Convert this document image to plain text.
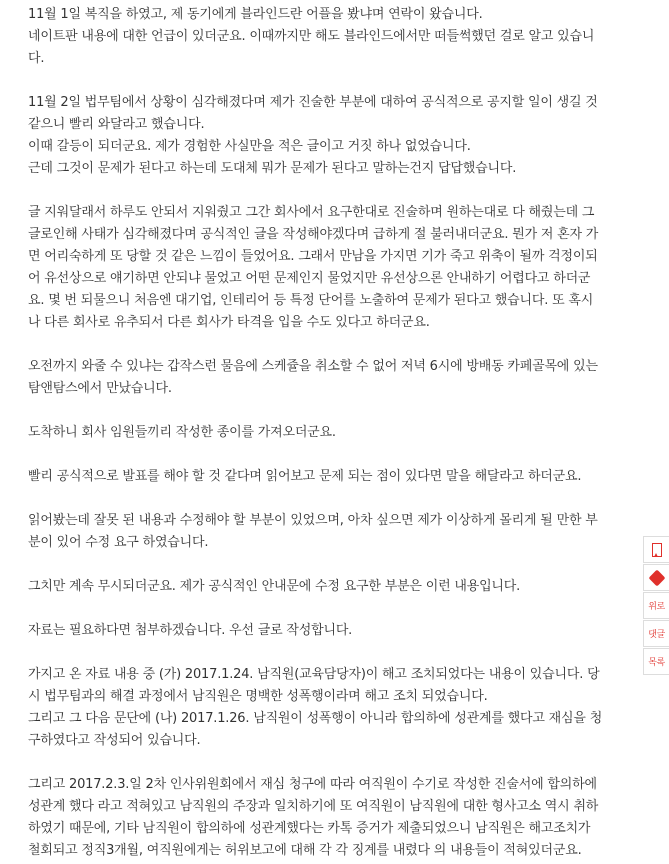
11월 1일 복직을 하였고, 제 동기에게 블라인드란 어플을 봤냐며 연락이 왔습니다.
네이트판 내용에 대한 언급이 있더군요. 이때까지만 해도 블라인드에서만 떠들썩했던 걸로 알고 있습니
다.

11월 2일 법무팀에서 상황이 심각해졌다며 제가 진술한 부분에 대하여 공식적으로 공지할 일이 생길 것
같으니 빨리 와달라고 했습니다.
이때 갈등이 되더군요. 제가 경험한 사실만을 적은 글이고 거짓 하나 없었습니다.
근데 그것이 문제가 된다고 하는데 도대체 뭐가 문제가 된다고 말하는건지 답답했습니다.

글 지워달래서 하루도 안되서 지워줬고 그간 회사에서 요구한대로 진술하며 원하는대로 다 해줬는데 그
글로인해 사태가 심각해졌다며 공식적인 글을 작성해야겠다며 급하게 절 불러내더군요. 뭔가 저 혼자 가
면 어리숙하게 또 당할 것 같은 느낌이 들었어요. 그래서 만남을 가지면 기가 죽고 위축이 될까 걱정이되
어 유선상으로 얘기하면 안되냐 물었고 어떤 문제인지 물었지만 유선상으론 안내하기 어렵다고 하더군
요. 몇 번 되물으니 처음엔 대기업, 인테리어 등 특정 단어를 노출하여 문제가 된다고 했습니다. 또 혹시
나 다른 회사로 유추되서 다른 회사가 타격을 입을 수도 있다고 하더군요.

오전까지 와줄 수 있냐는 갑작스런 물음에 스케쥴을 취소할 수 없어 저녁 6시에 방배동 카페골목에 있는
탐앤탐스에서 만났습니다.

도착하니 회사 임원들끼리 작성한 종이를 가져오더군요.

빨리 공식적으로 발표를 해야 할 것 같다며 읽어보고 문제 되는 점이 있다면 말을 해달라고 하더군요.

읽어봤는데 잘못 된 내용과 수정해야 할 부분이 있었으며, 아차 싶으면 제가 이상하게 몰리게 될 만한 부
분이 있어 수정 요구 하였습니다.

그치만 계속 무시되더군요. 제가 공식적인 안내문에 수정 요구한 부분은 이런 내용입니다.

자료는 필요하다면 첨부하겠습니다. 우선 글로 작성합니다.

가지고 온 자료 내용 중 (가) 2017.1.24. 남직원(교육담당자)이 해고 조치되었다는 내용이 있습니다. 당
시 법무팀과의 해결 과정에서 남직원은 명백한 성폭행이라며 해고 조치 되었습니다.
그리고 그 다음 문단에 (나) 2017.1.26. 남직원이 성폭행이 아니라 합의하에 성관계를 했다고 재심을 청
구하였다고 작성되어 있습니다.

그리고 2017.2.3.일 2차 인사위원회에서 재심 청구에 따라 여직원이 수기로 작성한 진술서에 합의하에
성관계 했다 라고 적혀있고 남직원의 주장과 일치하기에 또 여직원이 남직원에 대한 형사고소 역시 취하
하였기 때문에, 기타 남직원이 합의하에 성관계했다는 카톡 증거가 제출되었으니 남직원은 해고조치가
철회되고 정직3개월, 여직원에게는 허위보고에 대해 각 각 징계를 내렸다 의 내용들이 적혀있더군요.

위로
댓글
목록
